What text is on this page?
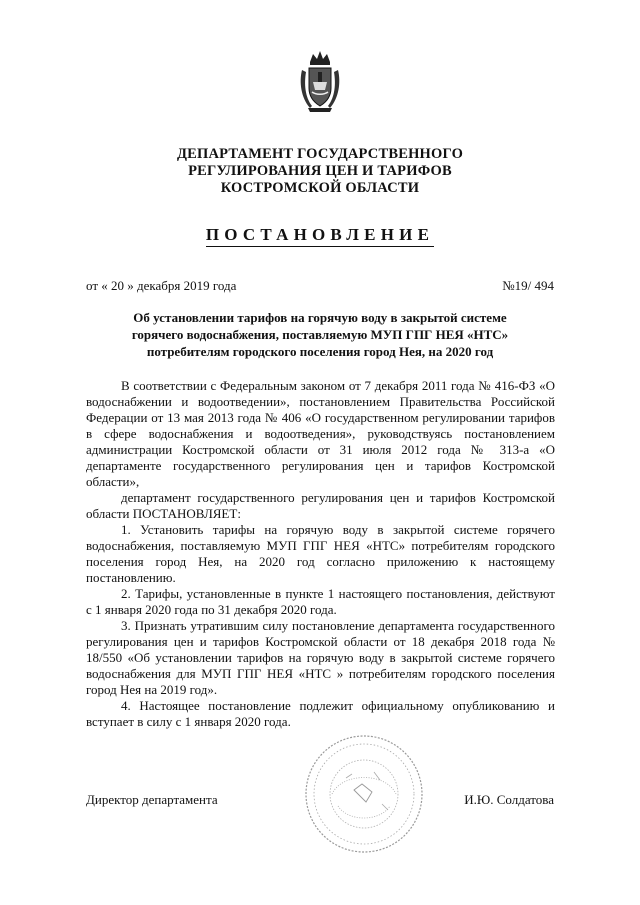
ДЕПАРТАМЕНТ ГОСУДАРСТВЕННОГО
РЕГУЛИРОВАНИЯ ЦЕН И ТАРИФОВ
КОСТРОМСКОЙ ОБЛАСТИ
ПОСТАНОВЛЕНИЕ
от « 20 » декабря 2019 года	№19/ 494
Об установлении тарифов на горячую воду в закрытой системе
горячего водоснабжения, поставляемую МУП ГПГ НЕЯ «НТС»
потребителям городского поселения город Нея, на 2020 год

В соответствии с Федеральным законом от 7 декабря 2011 года № 416-ФЗ «О водоснабжении и водоотведении», постановлением Правительства Российской Федерации от 13 мая 2013 года № 406 «О государственном регулировании тарифов в сфере водоснабжения и водоотведения», руководствуясь постановлением администрации Костромской области от 31 июля 2012 года № 313-а «О департаменте государственного регулирования цен и тарифов Костромской области»,

департамент государственного регулирования цен и тарифов Костромской области ПОСТАНОВЛЯЕТ:

1. Установить тарифы на горячую воду в закрытой системе горячего водоснабжения, поставляемую МУП ГПГ НЕЯ «НТС» потребителям городского поселения город Нея, на 2020 год согласно приложению к настоящему постановлению.

2. Тарифы, установленные в пункте 1 настоящего постановления, действуют с 1 января 2020 года по 31 декабря 2020 года.

3. Признать утратившим силу постановление департамента государственного регулирования цен и тарифов Костромской области от 18 декабря 2018 года № 18/550 «Об установлении тарифов на горячую воду в закрытой системе горячего водоснабжения для МУП ГПГ НЕЯ «НТС » потребителям городского поселения город Нея на 2019 год».

4. Настоящее постановление подлежит официальному опубликованию и вступает в силу с 1 января 2020 года.

Директор департамента	И.Ю. Солдатова
